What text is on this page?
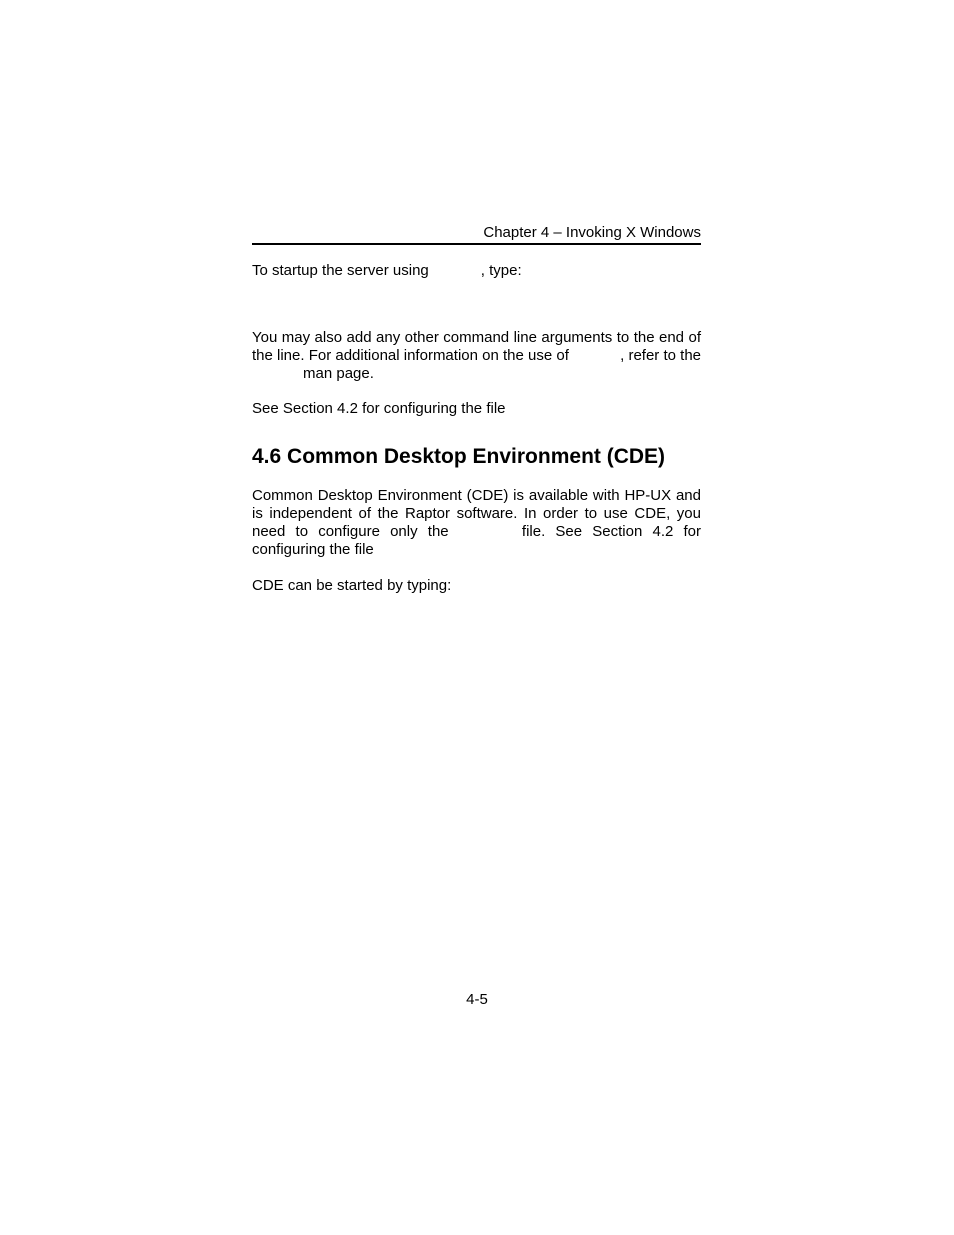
Chapter 4 – Invoking X Windows
To startup the server using	, type:
You may also add any other command line arguments to the end of
the line. For additional information on the use of	, refer to the
man page.
See Section 4.2 for configuring the file
4.6 Common Desktop Environment (CDE)
Common Desktop Environment (CDE) is available with HP-UX and
is independent of the Raptor software. In order to use CDE, you
need to configure only the	file. See Section 4.2 for
configuring the file
CDE can be started by typing:
4-5
